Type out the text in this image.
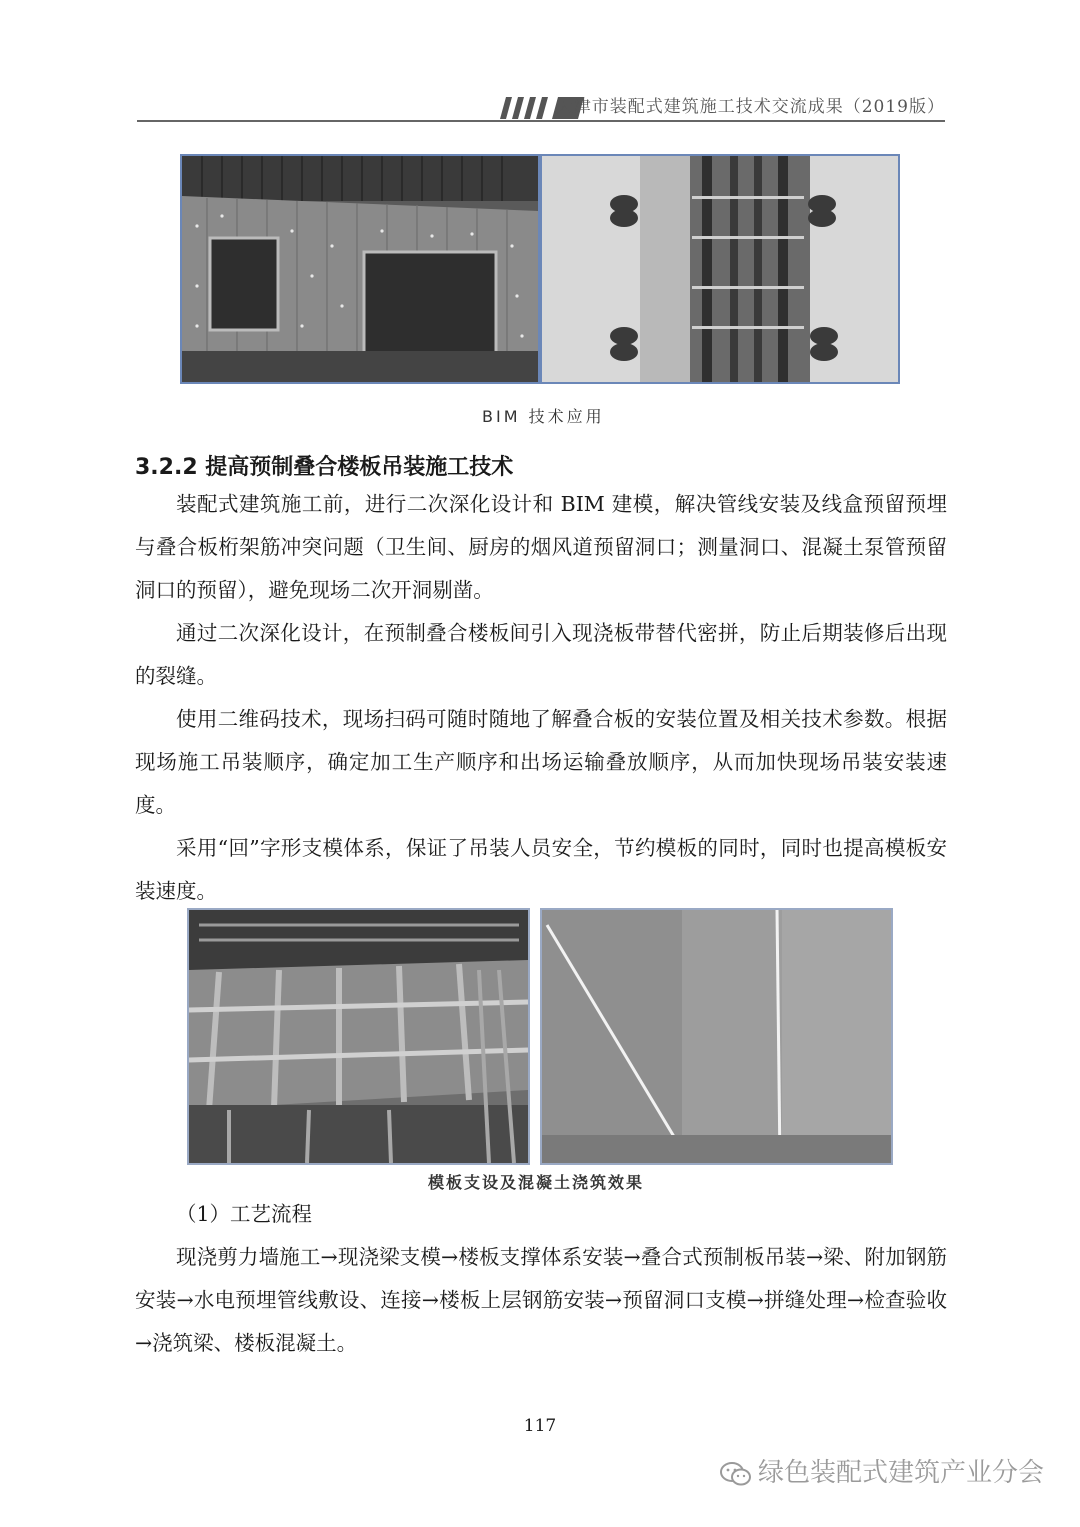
天津市装配式建筑施工技术交流成果（2019版）
BIM 技术应用
3.2.2 提高预制叠合楼板吊装施工技术

装配式建筑施工前，进行二次深化设计和 BIM 建模，解决管线安装及线盒预留预埋与叠合板桁架筋冲突问题（卫生间、厨房的烟风道预留洞口；测量洞口、混凝土泵管预留洞口的预留），避免现场二次开洞剔凿。

通过二次深化设计，在预制叠合楼板间引入现浇板带替代密拼，防止后期装修后出现的裂缝。

使用二维码技术，现场扫码可随时随地了解叠合板的安装位置及相关技术参数。根据现场施工吊装顺序，确定加工生产顺序和出场运输叠放顺序，从而加快现场吊装安装速度。

采用“回”字形支模体系，保证了吊装人员安全，节约模板的同时，同时也提高模板安装速度。

模板支设及混凝土浇筑效果
（1）工艺流程

现浇剪力墙施工→现浇梁支模→楼板支撑体系安装→叠合式预制板吊装→梁、附加钢筋安装→水电预埋管线敷设、连接→楼板上层钢筋安装→预留洞口支模→拼缝处理→检查验收→浇筑梁、楼板混凝土。

117
绿色装配式建筑产业分会
